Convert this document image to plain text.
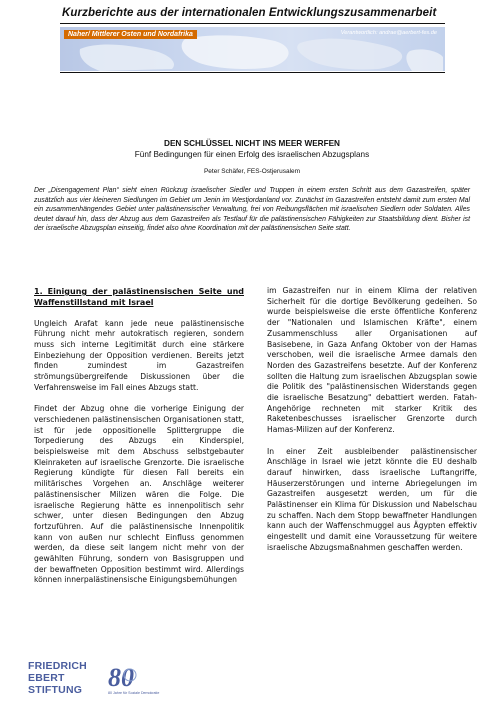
Kurzberichte aus der internationalen Entwicklungszusammenarbeit
Naher/ Mittlerer Osten und Nordafrika	Verantwortlich: andrae@aerbert-fes.de
DEN SCHLÜSSEL NICHT INS MEER WERFEN
Fünf Bedingungen für einen Erfolg des israelischen Abzugsplans
Peter Schäfer, FES-Ostjerusalem
Der „Disengagement Plan“ sieht einen Rückzug israelischer Siedler und Truppen in einem ersten Schritt aus dem Gazastreifen, später zusätzlich aus vier kleineren Siedlungen im Gebiet um Jenin im Westjordanland vor. Zunächst im Gazastreifen entsteht damit zum ersten Mal ein zusammenhängendes Gebiet unter palästinensischer Verwaltung, frei von Reibungsflächen mit israelischen Siedlern oder Soldaten. Alles deutet darauf hin, dass der Abzug aus dem Gazastreifen als Testlauf für die palästinensischen Fähigkeiten zur Staatsbildung dient. Bisher ist der israelische Abzugsplan einseitig, findet also ohne Koordination mit der palästinensischen Seite statt.
1. Einigung der palästinensischen Seite und Waffenstillstand mit Israel

Ungleich Arafat kann jede neue palästinensische Führung nicht mehr autokratisch regieren, sondern muss sich interne Legitimität durch eine stärkere Einbeziehung der Opposition verdienen. Bereits jetzt finden zumindest im Gazastreifen strömungsübergreifende Diskussionen über die Verfahrensweise im Fall eines Abzugs statt.

Findet der Abzug ohne die vorherige Einigung der verschiedenen palästinensischen Organisationen statt, ist für jede oppositionelle Splittergruppe die Torpedierung des Abzugs ein Kinderspiel, beispielsweise mit dem Abschuss selbstgebauter Kleinraketen auf israelische Grenzorte. Die israelische Regierung kündigte für diesen Fall bereits ein militärisches Vorgehen an. Anschläge weiterer palästinensischer Milizen wären die Folge. Die israelische Regierung hätte es innenpolitisch sehr schwer, unter diesen Bedingungen den Abzug fortzuführen. Auf die palästinensische Innenpolitik kann von außen nur schlecht Einfluss genommen werden, da diese seit langem nicht mehr von der gewählten Führung, sondern von Basisgruppen und der bewaffneten Opposition bestimmt wird. Allerdings können innerpalästinensische Einigungsbemühungen

im Gazastreifen nur in einem Klima der relativen Sicherheit für die dortige Bevölkerung gedeihen. So wurde beispielsweise die erste öffentliche Konferenz der "Nationalen und Islamischen Kräfte", einem Zusammenschluss aller Organisationen auf Basisebene, in Gaza Anfang Oktober von der Hamas verschoben, weil die israelische Armee damals den Norden des Gazastreifens besetzte. Auf der Konferenz sollten die Haltung zum israelischen Abzugsplan sowie die Politik des "palästinensischen Widerstands gegen die israelische Besatzung" debattiert werden. Fatah-Angehörige rechneten mit starker Kritik des Raketenbeschusses israelischer Grenzorte durch Hamas-Milizen auf der Konferenz.

In einer Zeit ausbleibender palästinensischer Anschläge in Israel wie jetzt könnte die EU deshalb darauf hinwirken, dass israelische Luftangriffe, Häuserzerstörungen und interne Abriegelungen im Gazastreifen ausgesetzt werden, um für die Palästinenser ein Klima für Diskussion und Nabelschau zu schaffen. Nach dem Stopp bewaffneter Handlungen kann auch der Waffenschmuggel aus Ägypten effektiv eingestellt und damit eine Voraussetzung für weitere israelische Abzugsmaßnahmen geschaffen werden.

FRIEDRICH
EBERT
STIFTUNG 80
80 Jahre für Soziale Demokratie
